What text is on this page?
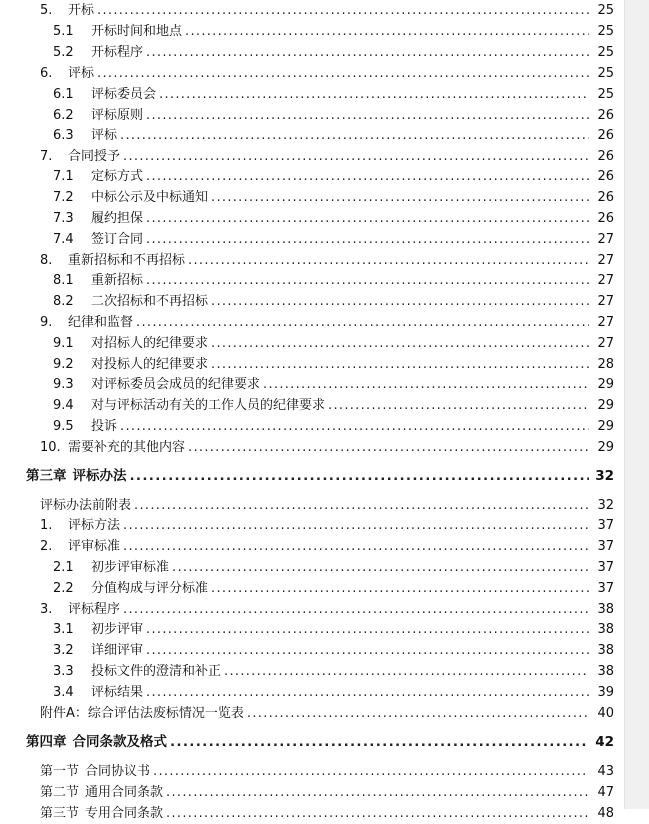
5.	开标 .....	25
5.1	开标时间和地点 .....	25
5.2	开标程序 .....	25
6.	评标 .....	25
6.1	评标委员会 .....	25
6.2	评标原则 .....	26
6.3	评标 .....	26
7.	合同授予 .....	26
7.1	定标方式 .....	26
7.2	中标公示及中标通知 .....	26
7.3	履约担保 .....	26
7.4	签订合同 .....	27
8.	重新招标和不再招标 .....	27
8.1	重新招标 .....	27
8.2	二次招标和不再招标 .....	27
9.	纪律和监督 .....	27
9.1	对招标人的纪律要求 .....	27
9.2	对投标人的纪律要求 .....	28
9.3	对评标委员会成员的纪律要求 .....	29
9.4	对与评标活动有关的工作人员的纪律要求 .....	29
9.5	投诉 .....	29
10. 需要补充的其他内容 .....	29
第三章 评标办法 .....	32
评标办法前附表 .....	32
1.	评标方法 .....	37
2.	评审标准 .....	37
2.1	初步评审标准 .....	37
2.2	分值构成与评分标准 .....	37
3.	评标程序 .....	38
3.1	初步评审 .....	38
3.2	详细评审 .....	38
3.3	投标文件的澄清和补正 .....	38
3.4	评标结果 .....	39
附件A：综合评估法废标情况一览表 .....	40
第四章 合同条款及格式 .....	42
第一节 合同协议书 .....	43
第二节 通用合同条款 .....	47
第三节 专用合同条款 .....	48
